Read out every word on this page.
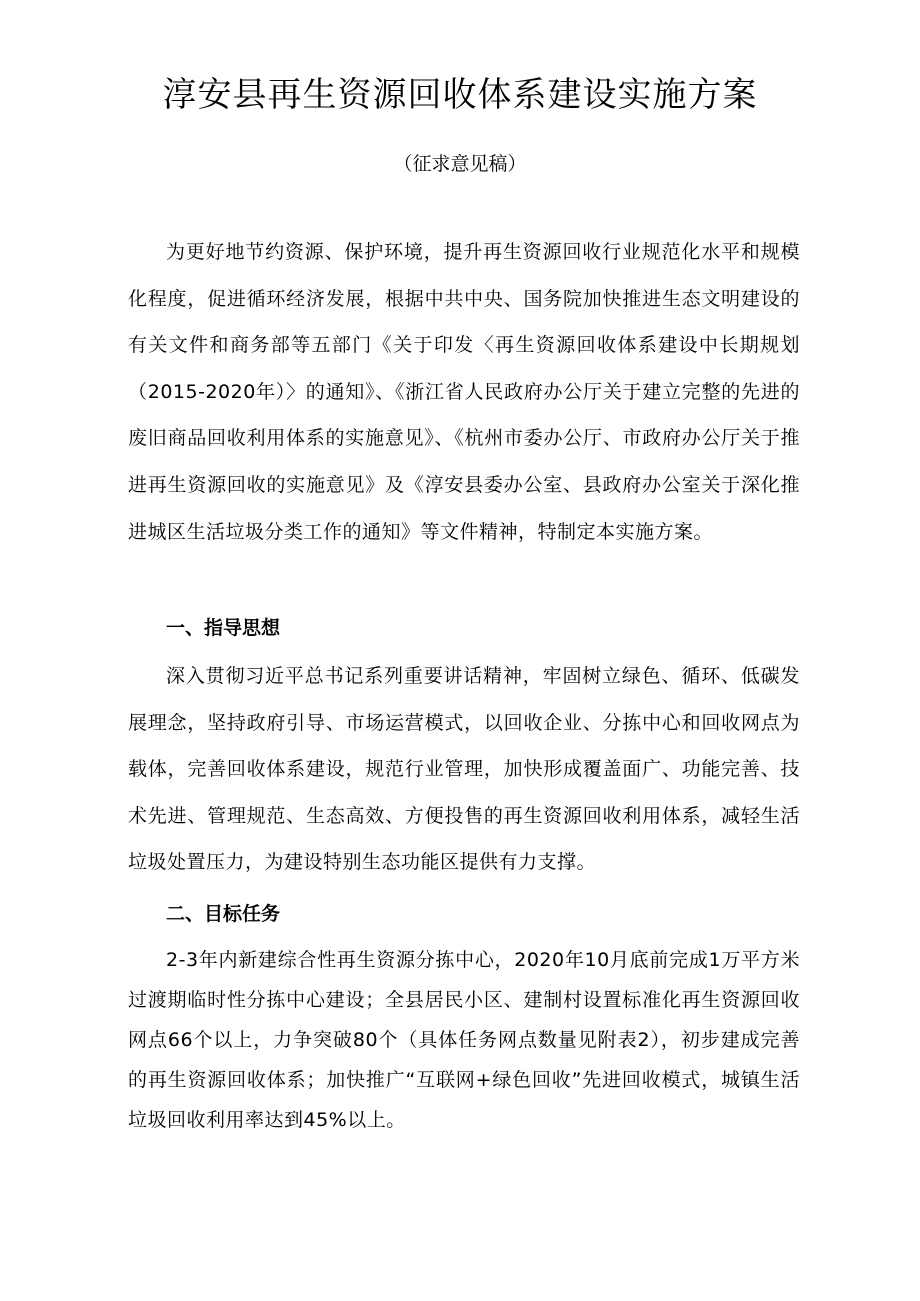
淳安县再生资源回收体系建设实施方案

（征求意见稿）

为更好地节约资源、保护环境，提升再生资源回收行业规范化水平和规模化程度，促进循环经济发展，根据中共中央、国务院加快推进生态文明建设的有关文件和商务部等五部门《关于印发〈再生资源回收体系建设中长期规划（2015-2020年）〉的通知》、《浙江省人民政府办公厅关于建立完整的先进的废旧商品回收利用体系的实施意见》、《杭州市委办公厅、市政府办公厅关于推进再生资源回收的实施意见》及《淳安县委办公室、县政府办公室关于深化推进城区生活垃圾分类工作的通知》等文件精神，特制定本实施方案。

一、指导思想

深入贯彻习近平总书记系列重要讲话精神，牢固树立绿色、循环、低碳发展理念，坚持政府引导、市场运营模式，以回收企业、分拣中心和回收网点为载体，完善回收体系建设，规范行业管理，加快形成覆盖面广、功能完善、技术先进、管理规范、生态高效、方便投售的再生资源回收利用体系，减轻生活垃圾处置压力，为建设特别生态功能区提供有力支撑。

二、目标任务

2-3年内新建综合性再生资源分拣中心，2020年10月底前完成1万平方米过渡期临时性分拣中心建设；全县居民小区、建制村设置标准化再生资源回收网点66个以上，力争突破80个（具体任务网点数量见附表2），初步建成完善的再生资源回收体系；加快推广“互联网+绿色回收”先进回收模式，城镇生活垃圾回收利用率达到45%以上。
